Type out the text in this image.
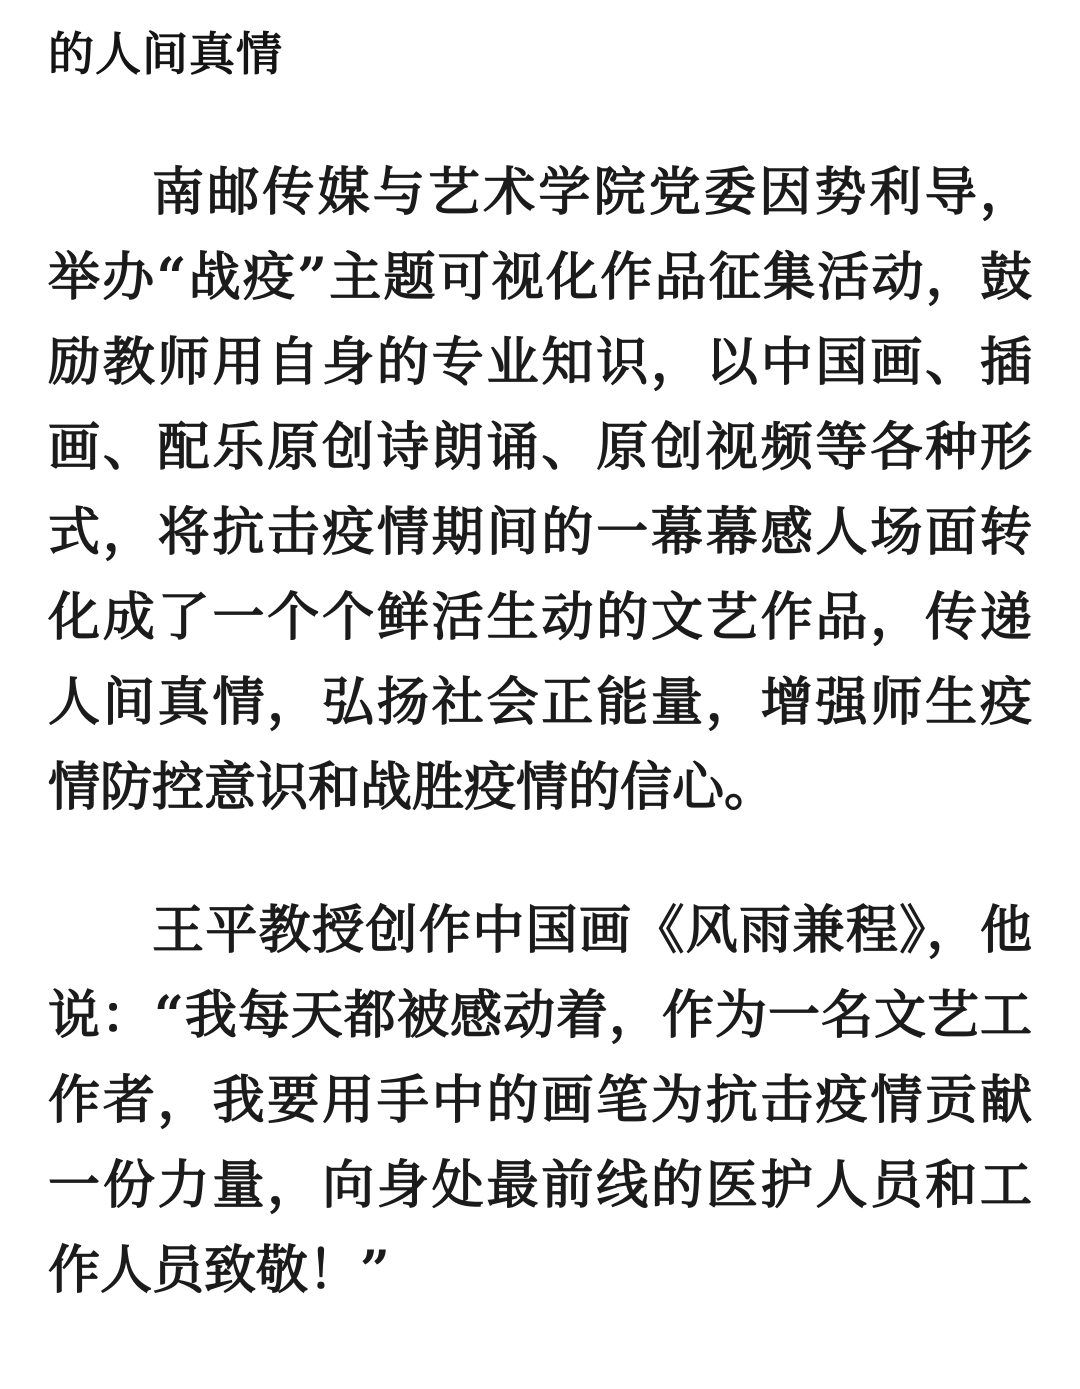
的人间真情

南邮传媒与艺术学院党委因势利导，举办“战疫”主题可视化作品征集活动，鼓励教师用自身的专业知识，以中国画、插画、配乐原创诗朗诵、原创视频等各种形式，将抗击疫情期间的一幕幕感人场面转化成了一个个鲜活生动的文艺作品，传递人间真情，弘扬社会正能量，增强师生疫情防控意识和战胜疫情的信心。

王平教授创作中国画《风雨兼程》，他说：“我每天都被感动着，作为一名文艺工作者，我要用手中的画笔为抗击疫情贡献一份力量，向身处最前线的医护人员和工作人员致敬！”
